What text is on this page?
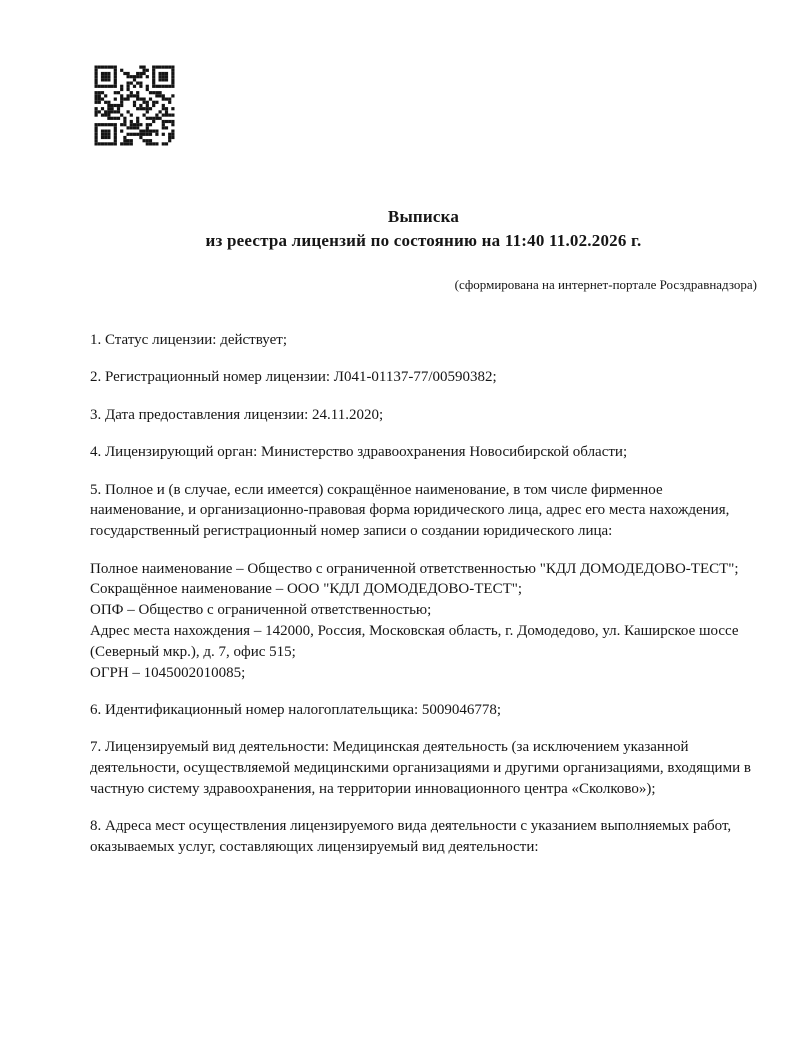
Выписка
из реестра лицензий по состоянию на 11:40 11.02.2026 г.
(сформирована на интернет-портале Росздравнадзора)

1. Статус лицензии: действует;

2. Регистрационный номер лицензии: Л041-01137-77/00590382;

3. Дата предоставления лицензии: 24.11.2020;

4. Лицензирующий орган: Министерство здравоохранения Новосибирской области;

5. Полное и (в случае, если имеется) сокращённое наименование, в том числе фирменное наименование, и организационно-правовая форма юридического лица, адрес его места нахождения, государственный регистрационный номер записи о создании юридического лица:

Полное наименование – Общество с ограниченной ответственностью "КДЛ ДОМОДЕДОВО-ТЕСТ";
Сокращённое наименование – ООО "КДЛ ДОМОДЕДОВО-ТЕСТ";
ОПФ – Общество с ограниченной ответственностью;
Адрес места нахождения – 142000, Россия, Московская область, г. Домодедово, ул. Каширское шоссе (Северный мкр.), д. 7, офис 515;
ОГРН – 1045002010085;

6. Идентификационный номер налогоплательщика: 5009046778;

7. Лицензируемый вид деятельности: Медицинская деятельность (за исключением указанной деятельности, осуществляемой медицинскими организациями и другими организациями, входящими в частную систему здравоохранения, на территории инновационного центра «Сколково»);

8. Адреса мест осуществления лицензируемого вида деятельности с указанием выполняемых работ, оказываемых услуг, составляющих лицензируемый вид деятельности:
